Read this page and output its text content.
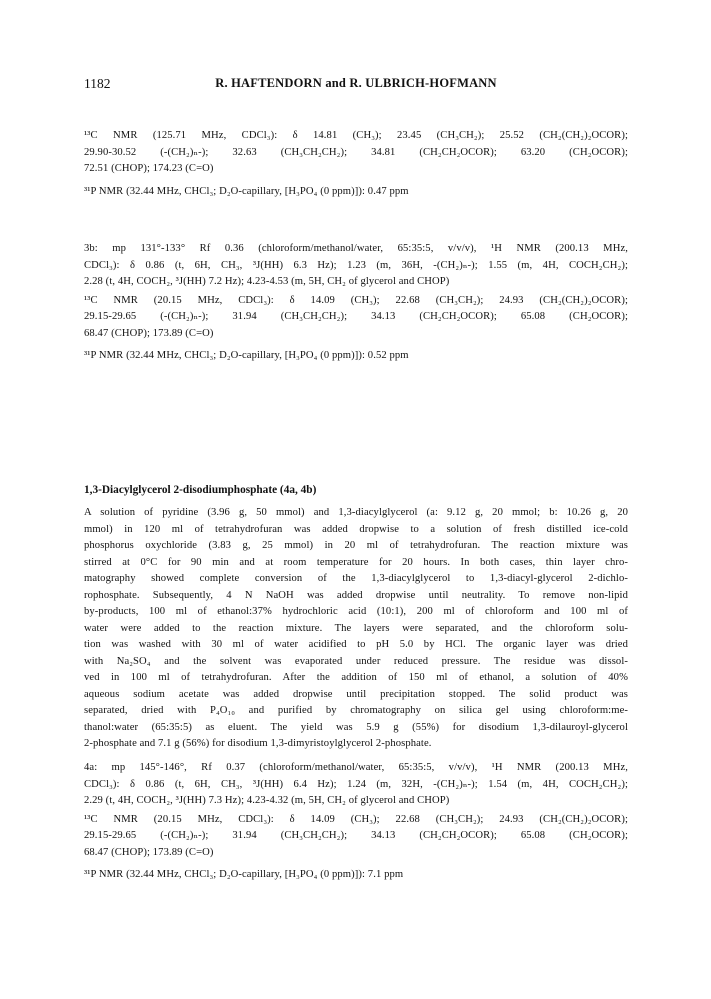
1182	R. HAFTENDORN and R. ULBRICH-HOFMANN
¹³C NMR (125.71 MHz, CDCl₃): δ 14.81 (CH₃); 23.45 (CH₃CH₂); 25.52 (CH₂(CH₂)₂OCOR);
29.90-30.52 (-(CH₂)ₙ-); 32.63 (CH₃CH₂CH₂); 34.81 (CH₂CH₂OCOR); 63.20 (CH₂OCOR);
72.51 (CHOP); 174.23 (C=O)
³¹P NMR (32.44 MHz, CHCl₃; D₂O-capillary, [H₃PO₄ (0 ppm)]): 0.47 ppm
3b: mp 131°-133° Rf 0.36 (chloroform/methanol/water, 65:35:5, v/v/v), ¹H NMR (200.13 MHz,
CDCl₃): δ 0.86 (t, 6H, CH₃, ³J(HH) 6.3 Hz); 1.23 (m, 36H, -(CH₂)ₙ-); 1.55 (m, 4H, COCH₂CH₂);
2.28 (t, 4H, COCH₂, ³J(HH) 7.2 Hz); 4.23-4.53 (m, 5H, CH₂ of glycerol and CHOP)
¹³C NMR (20.15 MHz, CDCl₃): δ 14.09 (CH₃); 22.68 (CH₃CH₂); 24.93 (CH₂(CH₂)₂OCOR);
29.15-29.65 (-(CH₂)ₙ-); 31.94 (CH₃CH₂CH₂); 34.13 (CH₂CH₂OCOR); 65.08 (CH₂OCOR);
68.47 (CHOP); 173.89 (C=O)
³¹P NMR (32.44 MHz, CHCl₃; D₂O-capillary, [H₃PO₄ (0 ppm)]): 0.52 ppm
1,3-Diacylglycerol 2-disodiumphosphate (4a, 4b)
A solution of pyridine (3.96 g, 50 mmol) and 1,3-diacylglycerol (a: 9.12 g, 20 mmol; b: 10.26 g, 20
mmol) in 120 ml of tetrahydrofuran was added dropwise to a solution of fresh distilled ice-cold
phosphorus oxychloride (3.83 g, 25 mmol) in 20 ml of tetrahydrofuran. The reaction mixture was
stirred at 0°C for 90 min and at room temperature for 20 hours. In both cases, thin layer chro-
matography showed complete conversion of the 1,3-diacylglycerol to 1,3-diacyl-glycerol 2-dichlo-
rophosphate. Subsequently, 4 N NaOH was added dropwise until neutrality. To remove non-lipid
by-products, 100 ml of ethanol:37% hydrochloric acid (10:1), 200 ml of chloroform and 100 ml of
water were added to the reaction mixture. The layers were separated, and the chloroform solu-
tion was washed with 30 ml of water acidified to pH 5.0 by HCl. The organic layer was dried
with Na₂SO₄ and the solvent was evaporated under reduced pressure. The residue was dissol-
ved in 100 ml of tetrahydrofuran. After the addition of 150 ml of ethanol, a solution of 40%
aqueous sodium acetate was added dropwise until precipitation stopped. The solid product was
separated, dried with P₄O₁₀ and purified by chromatography on silica gel using chloroform:me-
thanol:water (65:35:5) as eluent. The yield was 5.9 g (55%) for disodium 1,3-dilauroyl-glycerol
2-phosphate and 7.1 g (56%) for disodium 1,3-dimyristoylglycerol 2-phosphate.
4a: mp 145°-146°, Rf 0.37 (chloroform/methanol/water, 65:35:5, v/v/v), ¹H NMR (200.13 MHz,
CDCl₃): δ 0.86 (t, 6H, CH₃, ³J(HH) 6.4 Hz); 1.24 (m, 32H, -(CH₂)ₙ-); 1.54 (m, 4H, COCH₂CH₂);
2.29 (t, 4H, COCH₂, ³J(HH) 7.3 Hz); 4.23-4.32 (m, 5H, CH₂ of glycerol and CHOP)
¹³C NMR (20.15 MHz, CDCl₃): δ 14.09 (CH₃); 22.68 (CH₃CH₂); 24.93 (CH₂(CH₂)₂OCOR);
29.15-29.65 (-(CH₂)ₙ-); 31.94 (CH₃CH₂CH₂); 34.13 (CH₂CH₂OCOR); 65.08 (CH₂OCOR);
68.47 (CHOP); 173.89 (C=O)
³¹P NMR (32.44 MHz, CHCl₃; D₂O-capillary, [H₃PO₄ (0 ppm)]): 7.1 ppm
